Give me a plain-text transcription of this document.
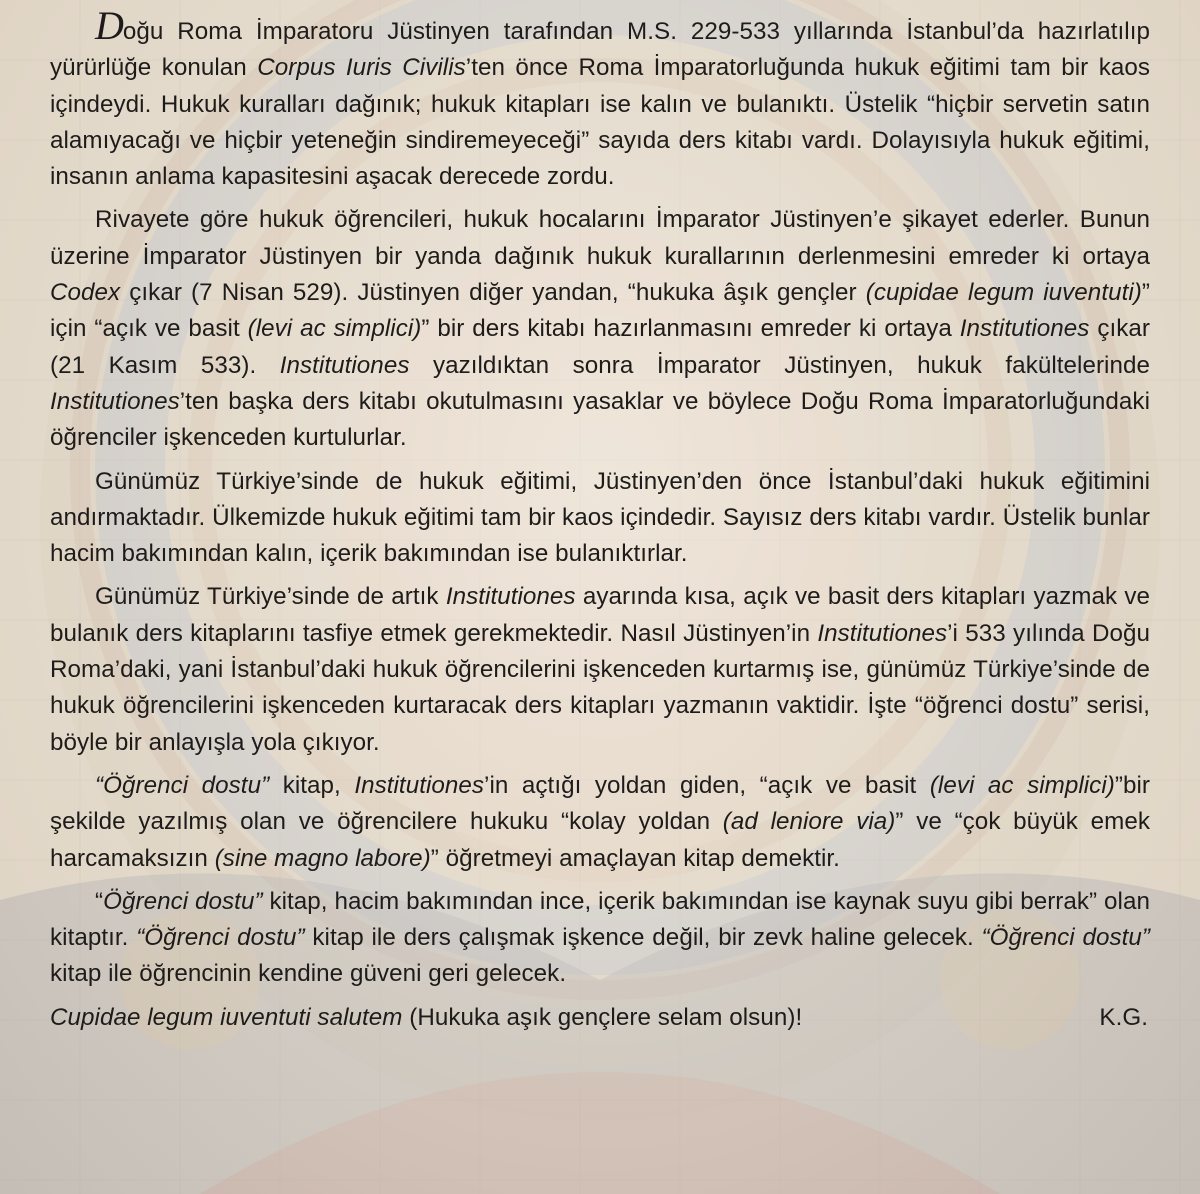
Doğu Roma İmparatoru Jüstinyen tarafından M.S. 229-533 yıllarında İstanbul’da hazırlatılıp yürürlüğe konulan Corpus Iuris Civilis’ten önce Roma İmparatorluğunda hukuk eğitimi tam bir kaos içindeydi. Hukuk kuralları dağınık; hukuk kitapları ise kalın ve bulanıktı. Üstelik “hiçbir servetin satın alamıyacağı ve hiçbir yeteneğin sindiremeyeceği” sayıda ders kitabı vardı. Dolayısıyla hukuk eğitimi, insanın anlama kapasitesini aşacak derecede zordu.

Rivayete göre hukuk öğrencileri, hukuk hocalarını İmparator Jüstinyen’e şikayet ederler. Bunun üzerine İmparator Jüstinyen bir yanda dağınık hukuk kurallarının derlenmesini emreder ki ortaya Codex çıkar (7 Nisan 529). Jüstinyen diğer yandan, “hukuka âşık gençler (cupidae legum iuventuti)” için “açık ve basit (levi ac simplici)” bir ders kitabı hazırlanmasını emreder ki ortaya Institutiones çıkar (21 Kasım 533). Institutiones yazıldıktan sonra İmparator Jüstinyen, hukuk fakültelerinde Institutiones’ten başka ders kitabı okutulmasını yasaklar ve böylece Doğu Roma İmparatorluğundaki öğrenciler işkenceden kurtulurlar.

Günümüz Türkiye’sinde de hukuk eğitimi, Jüstinyen’den önce İstanbul’daki hukuk eğitimini andırmaktadır. Ülkemizde hukuk eğitimi tam bir kaos içindedir. Sayısız ders kitabı vardır. Üstelik bunlar hacim bakımından kalın, içerik bakımından ise bulanıktırlar.

Günümüz Türkiye’sinde de artık Institutiones ayarında kısa, açık ve basit ders kitapları yazmak ve bulanık ders kitaplarını tasfiye etmek gerekmektedir. Nasıl Jüstinyen’in Institutiones’i 533 yılında Doğu Roma’daki, yani İstanbul’daki hukuk öğrencilerini işkenceden kurtarmış ise, günümüz Türkiye’sinde de hukuk öğrencilerini işkenceden kurtaracak ders kitapları yazmanın vaktidir. İşte “öğrenci dostu” serisi, böyle bir anlayışla yola çıkıyor.

“Öğrenci dostu” kitap, Institutiones’in açtığı yoldan giden, “açık ve basit (levi ac simplici)”bir şekilde yazılmış olan ve öğrencilere hukuku “kolay yoldan (ad leniore via)” ve “çok büyük emek harcamaksızın (sine magno labore)” öğretmeyi amaçlayan kitap demektir.

“Öğrenci dostu” kitap, hacim bakımından ince, içerik bakımından ise kaynak suyu gibi berrak” olan kitaptır. “Öğrenci dostu” kitap ile ders çalışmak işkence değil, bir zevk haline gelecek. “Öğrenci dostu” kitap ile öğrencinin kendine güveni geri gelecek.

Cupidae legum iuventuti salutem (Hukuka aşık gençlere selam olsun)!	K.G.
